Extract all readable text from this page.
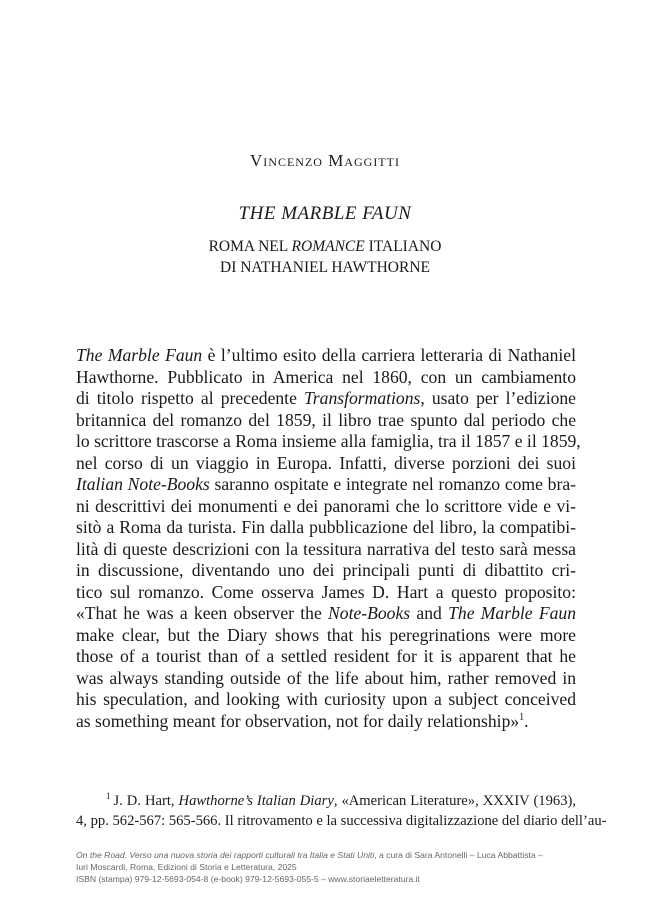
Vincenzo Maggitti
THE MARBLE FAUN
ROMA NEL ROMANCE ITALIANO
DI NATHANIEL HAWTHORNE
The Marble Faun è l’ultimo esito della carriera letteraria di Nathaniel
Hawthorne. Pubblicato in America nel 1860, con un cambiamento
di titolo rispetto al precedente Transformations, usato per l’edizione
britannica del romanzo del 1859, il libro trae spunto dal periodo che
lo scrittore trascorse a Roma insieme alla famiglia, tra il 1857 e il 1859,
nel corso di un viaggio in Europa. Infatti, diverse porzioni dei suoi
Italian Note-Books saranno ospitate e integrate nel romanzo come bra-
ni descrittivi dei monumenti e dei panorami che lo scrittore vide e vi-
sitò a Roma da turista. Fin dalla pubblicazione del libro, la compatibi-
lità di queste descrizioni con la tessitura narrativa del testo sarà messa
in discussione, diventando uno dei principali punti di dibattito cri-
tico sul romanzo. Come osserva James D. Hart a questo proposito:
«That he was a keen observer the Note-Books and The Marble Faun
make clear, but the Diary shows that his peregrinations were more
those of a tourist than of a settled resident for it is apparent that he
was always standing outside of the life about him, rather removed in
his speculation, and looking with curiosity upon a subject conceived
as something meant for observation, not for daily relationship»$^1$.
$^1$ J. D. Hart, Hawthorne’s Italian Diary, «American Literature», XXXIV (1963),
4, pp. 562-567: 565-566. Il ritrovamento e la successiva digitalizzazione del diario dell’au-
On the Road. Verso una nuova storia dei rapporti culturali tra Italia e Stati Uniti, a cura di Sara Antonelli – Luca Abbattista –
Iuri Moscardi, Roma, Edizioni di Storia e Letteratura, 2025
ISBN (stampa) 979-12-5693-054-8 (e-book) 979-12-5693-055-5 – www.storiaeletteratura.it
